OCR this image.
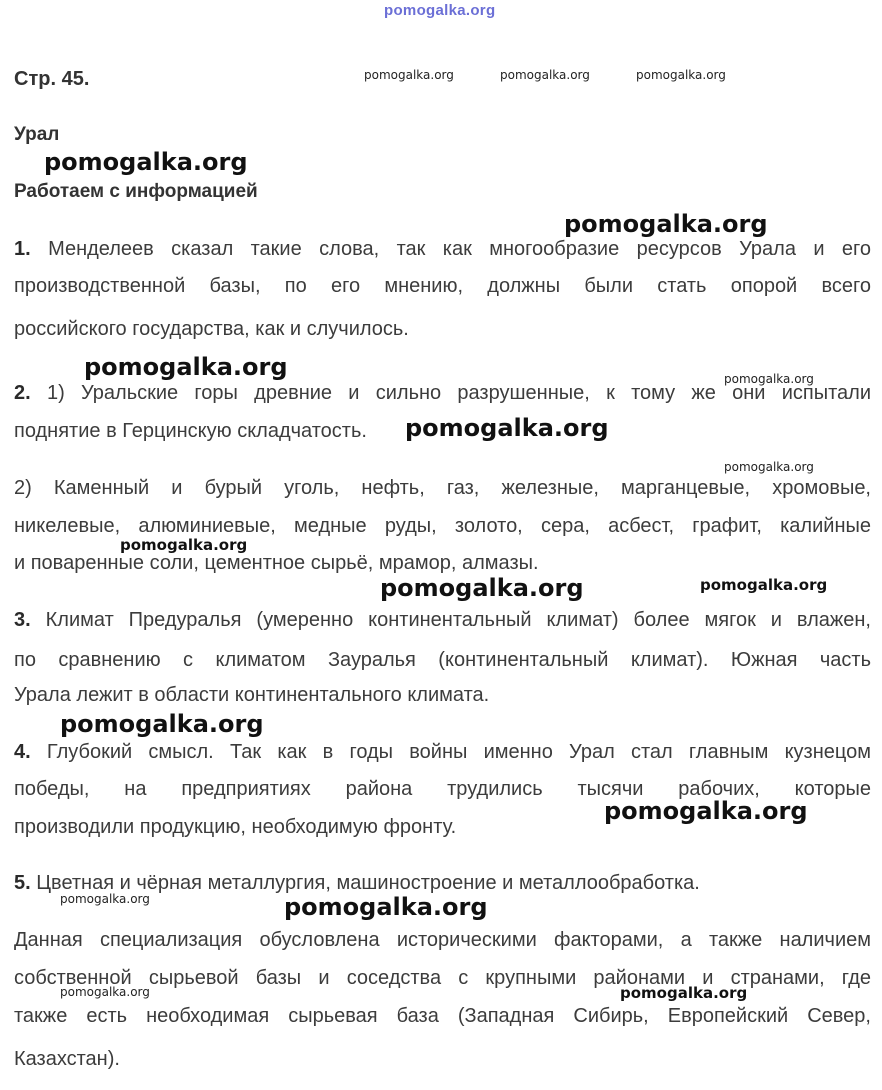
pomogalka.org
Стр. 45.	pomogalka.org	pomogalka.org	pomogalka.org
Урал
pomogalka.org
Работаем с информацией
pomogalka.org
1. Менделеев сказал такие слова, так как многообразие ресурсов Урала и его
производственной базы, по его мнению, должны были стать опорой всего
российского государства, как и случилось.
pomogalka.org	pomogalka.org
2. 1) Уральские горы древние и сильно разрушенные, к тому же они испытали
поднятие в Герцинскую складчатость.	pomogalka.org
pomogalka.org
2) Каменный и бурый уголь, нефть, газ, железные, марганцевые, хромовые,
никелевые, алюминиевые, медные руды, золото, сера, асбест, графит, калийные
pomogalka.org
и поваренные соли, цементное сырьё, мрамор, алмазы.
pomogalka.org	pomogalka.org
3. Климат Предуралья (умеренно континентальный климат) более мягок и влажен,
по сравнению с климатом Зауралья (континентальный климат). Южная часть
Урала лежит в области континентального климата.
pomogalka.org
4. Глубокий смысл. Так как в годы войны именно Урал стал главным кузнецом
победы, на предприятиях района трудились тысячи рабочих, которые
pomogalka.org
производили продукцию, необходимую фронту.
5. Цветная и чёрная металлургия, машиностроение и металлообработка.
pomogalka.org	pomogalka.org
Данная специализация обусловлена историческими факторами, а также наличием
собственной сырьевой базы и соседства с крупными районами и странами, где
pomogalka.org	pomogalka.org
также есть необходимая сырьевая база (Западная Сибирь, Европейский Север,
Казахстан).
